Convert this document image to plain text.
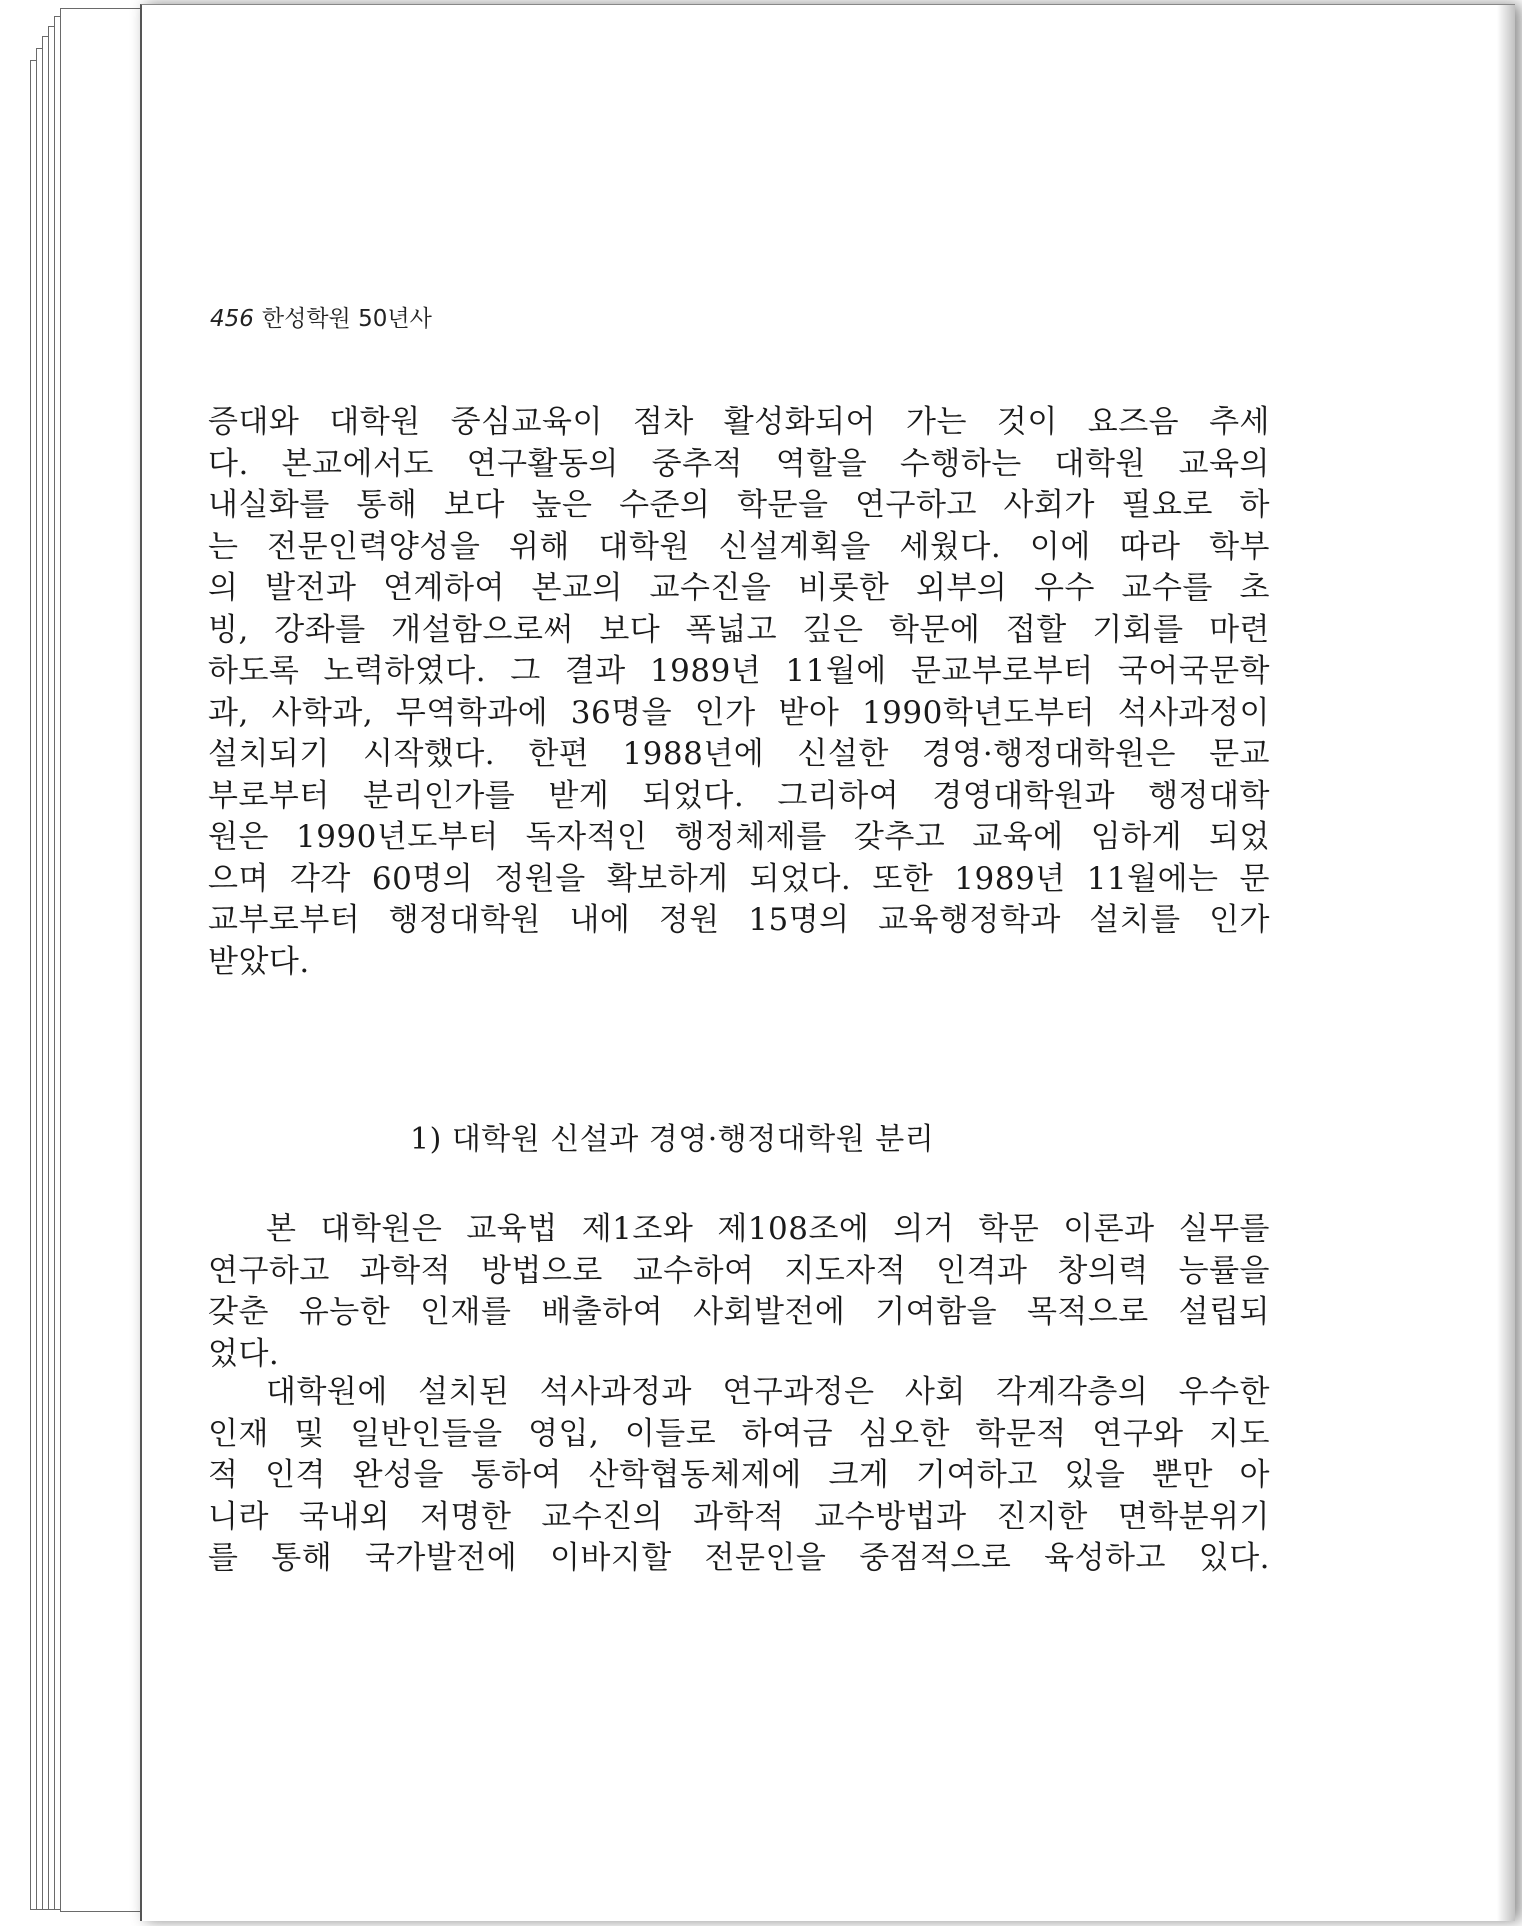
456 한성학원 50년사
증대와 대학원 중심교육이 점차 활성화되어 가는 것이 요즈음 추세
다. 본교에서도 연구활동의 중추적 역할을 수행하는 대학원 교육의
내실화를 통해 보다 높은 수준의 학문을 연구하고 사회가 필요로 하
는 전문인력양성을 위해 대학원 신설계획을 세웠다. 이에 따라 학부
의 발전과 연계하여 본교의 교수진을 비롯한 외부의 우수 교수를 초
빙, 강좌를 개설함으로써 보다 폭넓고 깊은 학문에 접할 기회를 마련
하도록 노력하였다. 그 결과 1989년 11월에 문교부로부터 국어국문학
과, 사학과, 무역학과에 36명을 인가 받아 1990학년도부터 석사과정이
설치되기 시작했다. 한편 1988년에 신설한 경영·행정대학원은 문교
부로부터 분리인가를 받게 되었다. 그리하여 경영대학원과 행정대학
원은 1990년도부터 독자적인 행정체제를 갖추고 교육에 임하게 되었
으며 각각 60명의 정원을 확보하게 되었다. 또한 1989년 11월에는 문
교부로부터 행정대학원 내에 정원 15명의 교육행정학과 설치를 인가
받았다.
1) 대학원 신설과 경영·행정대학원 분리
본 대학원은 교육법 제1조와 제108조에 의거 학문 이론과 실무를
연구하고 과학적 방법으로 교수하여 지도자적 인격과 창의력 능률을
갖춘 유능한 인재를 배출하여 사회발전에 기여함을 목적으로 설립되
었다.
대학원에 설치된 석사과정과 연구과정은 사회 각계각층의 우수한
인재 및 일반인들을 영입, 이들로 하여금 심오한 학문적 연구와 지도
적 인격 완성을 통하여 산학협동체제에 크게 기여하고 있을 뿐만 아
니라 국내외 저명한 교수진의 과학적 교수방법과 진지한 면학분위기
를 통해 국가발전에 이바지할 전문인을 중점적으로 육성하고 있다.
